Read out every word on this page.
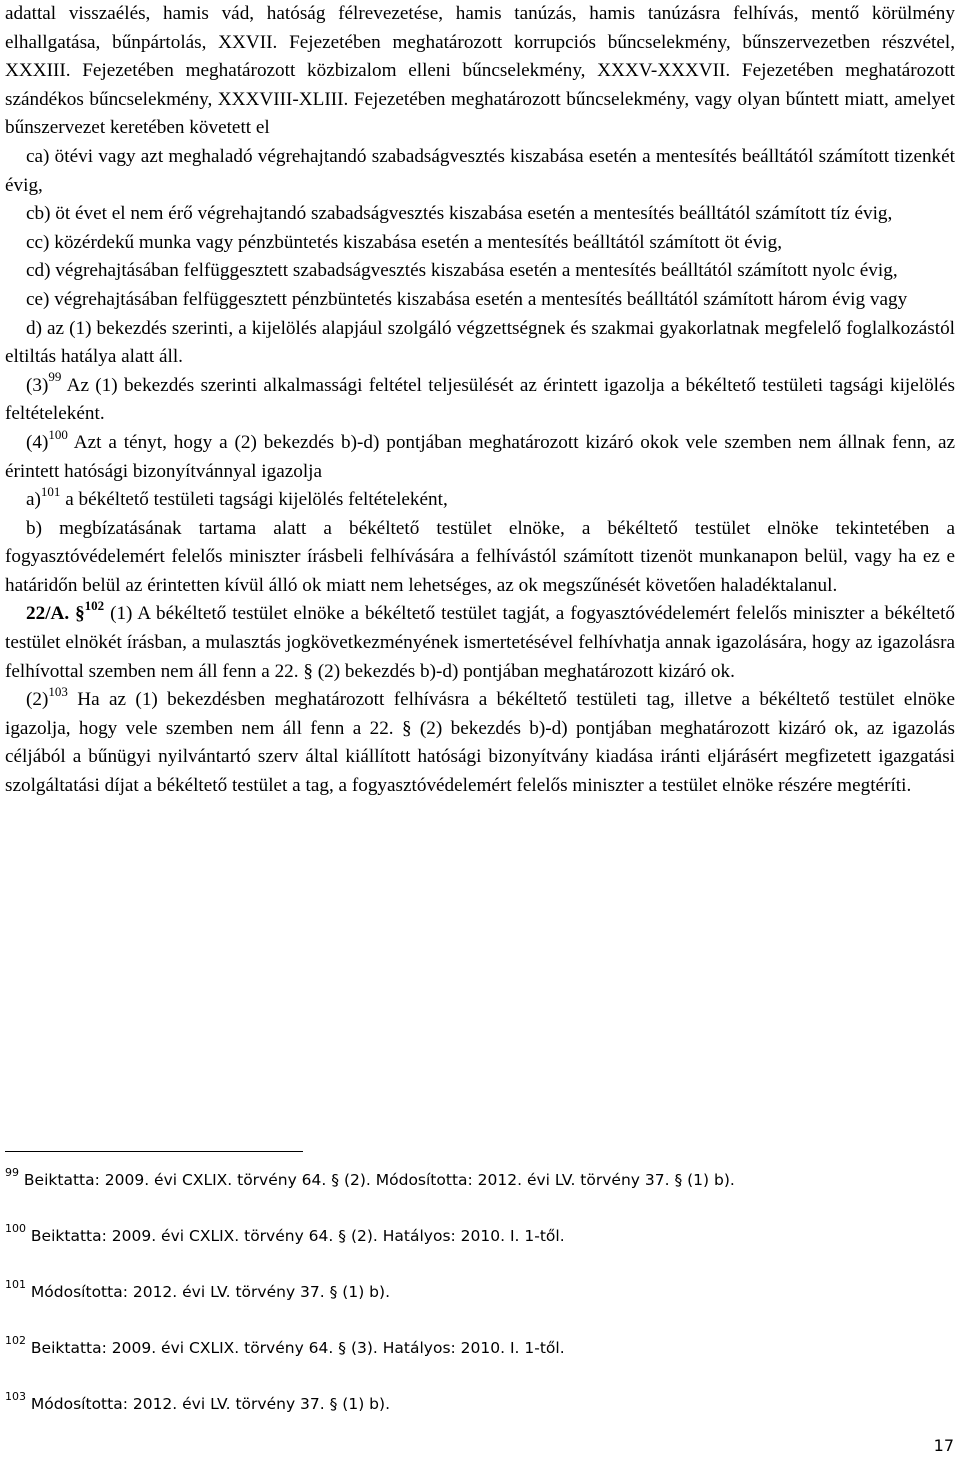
adattal visszaélés, hamis vád, hatóság félrevezetése, hamis tanúzás, hamis tanúzásra felhívás, mentő körülmény elhallgatása, bűnpártolás, XXVII. Fejezetében meghatározott korrupciós bűncselekmény, bűnszervezetben részvétel, XXXIII. Fejezetében meghatározott közbizalom elleni bűncselekmény, XXXV-XXXVII. Fejezetében meghatározott szándékos bűncselekmény, XXXVIII-XLIII. Fejezetében meghatározott bűncselekmény, vagy olyan bűntett miatt, amelyet bűnszervezet keretében követett el

ca) ötévi vagy azt meghaladó végrehajtandó szabadságvesztés kiszabása esetén a mentesítés beálltától számított tizenkét évig,

cb) öt évet el nem érő végrehajtandó szabadságvesztés kiszabása esetén a mentesítés beálltától számított tíz évig,

cc) közérdekű munka vagy pénzbüntetés kiszabása esetén a mentesítés beálltától számított öt évig,

cd) végrehajtásában felfüggesztett szabadságvesztés kiszabása esetén a mentesítés beálltától számított nyolc évig,

ce) végrehajtásában felfüggesztett pénzbüntetés kiszabása esetén a mentesítés beálltától számított három évig vagy

d) az (1) bekezdés szerinti, a kijelölés alapjául szolgáló végzettségnek és szakmai gyakorlatnak megfelelő foglalkozástól eltiltás hatálya alatt áll.

$(3)^{99}$ Az (1) bekezdés szerinti alkalmassági feltétel teljesülését az érintett igazolja a békéltető testületi tagsági kijelölés feltételeként.

$(4)^{100}$ Azt a tényt, hogy a (2) bekezdés b)-d) pontjában meghatározott kizáró okok vele szemben nem állnak fenn, az érintett hatósági bizonyítvánnyal igazolja

a)$^{101}$ a békéltető testületi tagsági kijelölés feltételeként,

b) megbízatásának tartama alatt a békéltető testület elnöke, a békéltető testület elnöke tekintetében a fogyasztóvédelemért felelős miniszter írásbeli felhívására a felhívástól számított tizenöt munkanapon belül, vagy ha ez e határidőn belül az érintetten kívül álló ok miatt nem lehetséges, az ok megszűnését követően haladéktalanul.

22/A. §$^{102}$ (1) A békéltető testület elnöke a békéltető testület tagját, a fogyasztóvédelemért felelős miniszter a békéltető testület elnökét írásban, a mulasztás jogkövetkezményének ismertetésével felhívhatja annak igazolására, hogy az igazolásra felhívottal szemben nem áll fenn a 22. § (2) bekezdés b)-d) pontjában meghatározott kizáró ok.

$(2)^{103}$ Ha az (1) bekezdésben meghatározott felhívásra a békéltető testületi tag, illetve a békéltető testület elnöke igazolja, hogy vele szemben nem áll fenn a 22. § (2) bekezdés b)-d) pontjában meghatározott kizáró ok, az igazolás céljából a bűnügyi nyilvántartó szerv által kiállított hatósági bizonyítvány kiadása iránti eljárásért megfizetett igazgatási szolgáltatási díjat a békéltető testület a tag, a fogyasztóvédelemért felelős miniszter a testület elnöke részére megtéríti.

$^{99}$ Beiktatta: 2009. évi CXLIX. törvény 64. § (2). Módosította: 2012. évi LV. törvény 37. § (1) b).

$^{100}$ Beiktatta: 2009. évi CXLIX. törvény 64. § (2). Hatályos: 2010. I. 1-től.

$^{101}$ Módosította: 2012. évi LV. törvény 37. § (1) b).

$^{102}$ Beiktatta: 2009. évi CXLIX. törvény 64. § (3). Hatályos: 2010. I. 1-től.

$^{103}$ Módosította: 2012. évi LV. törvény 37. § (1) b).

17
